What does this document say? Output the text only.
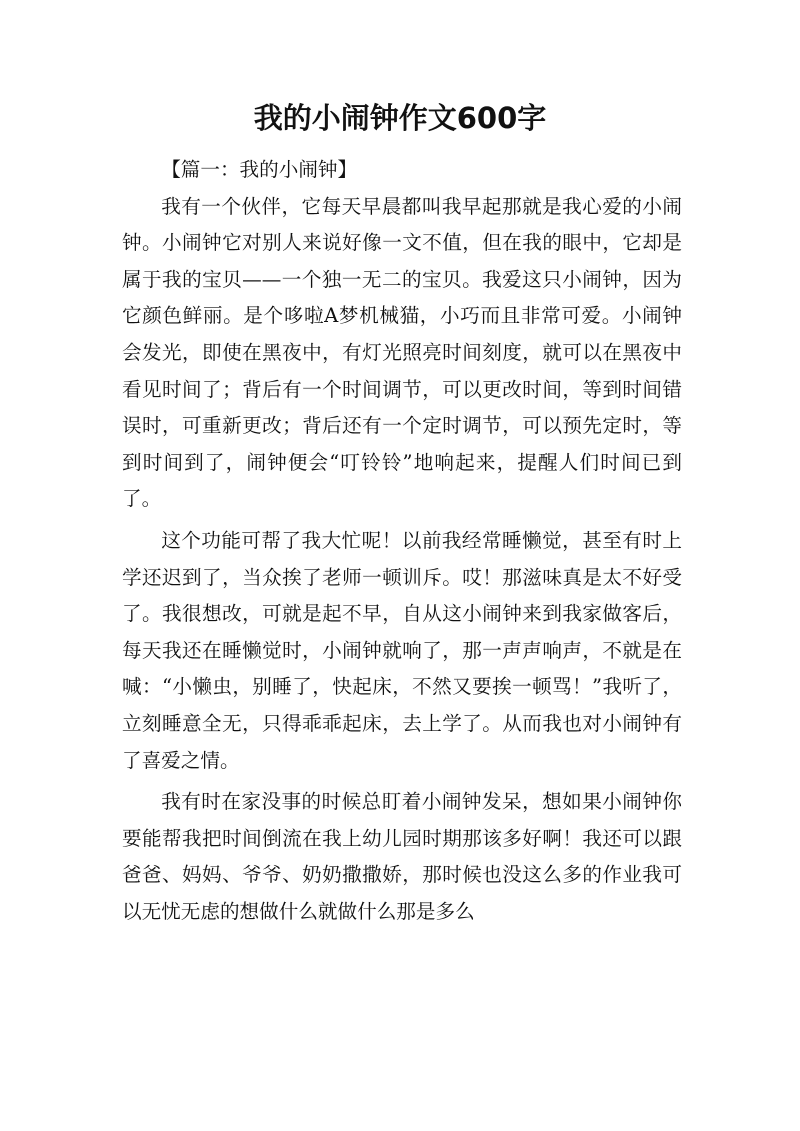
我的小闹钟作文600字

【篇一：我的小闹钟】

我有一个伙伴，它每天早晨都叫我早起那就是我心爱的小闹钟。小闹钟它对别人来说好像一文不值，但在我的眼中，它却是属于我的宝贝——一个独一无二的宝贝。我爱这只小闹钟，因为它颜色鲜丽。是个哆啦A梦机械猫，小巧而且非常可爱。小闹钟会发光，即使在黑夜中，有灯光照亮时间刻度，就可以在黑夜中看见时间了；背后有一个时间调节，可以更改时间，等到时间错误时，可重新更改；背后还有一个定时调节，可以预先定时，等到时间到了，闹钟便会“叮铃铃”地响起来，提醒人们时间已到了。

这个功能可帮了我大忙呢！以前我经常睡懒觉，甚至有时上学还迟到了，当众挨了老师一顿训斥。哎！那滋味真是太不好受了。我很想改，可就是起不早，自从这小闹钟来到我家做客后，每天我还在睡懒觉时，小闹钟就响了，那一声声响声，不就是在喊：“小懒虫，别睡了，快起床，不然又要挨一顿骂！”我听了，立刻睡意全无，只得乖乖起床，去上学了。从而我也对小闹钟有了喜爱之情。

我有时在家没事的时候总盯着小闹钟发呆，想如果小闹钟你要能帮我把时间倒流在我上幼儿园时期那该多好啊！我还可以跟爸爸、妈妈、爷爷、奶奶撒撒娇，那时候也没这么多的作业我可以无忧无虑的想做什么就做什么那是多么
